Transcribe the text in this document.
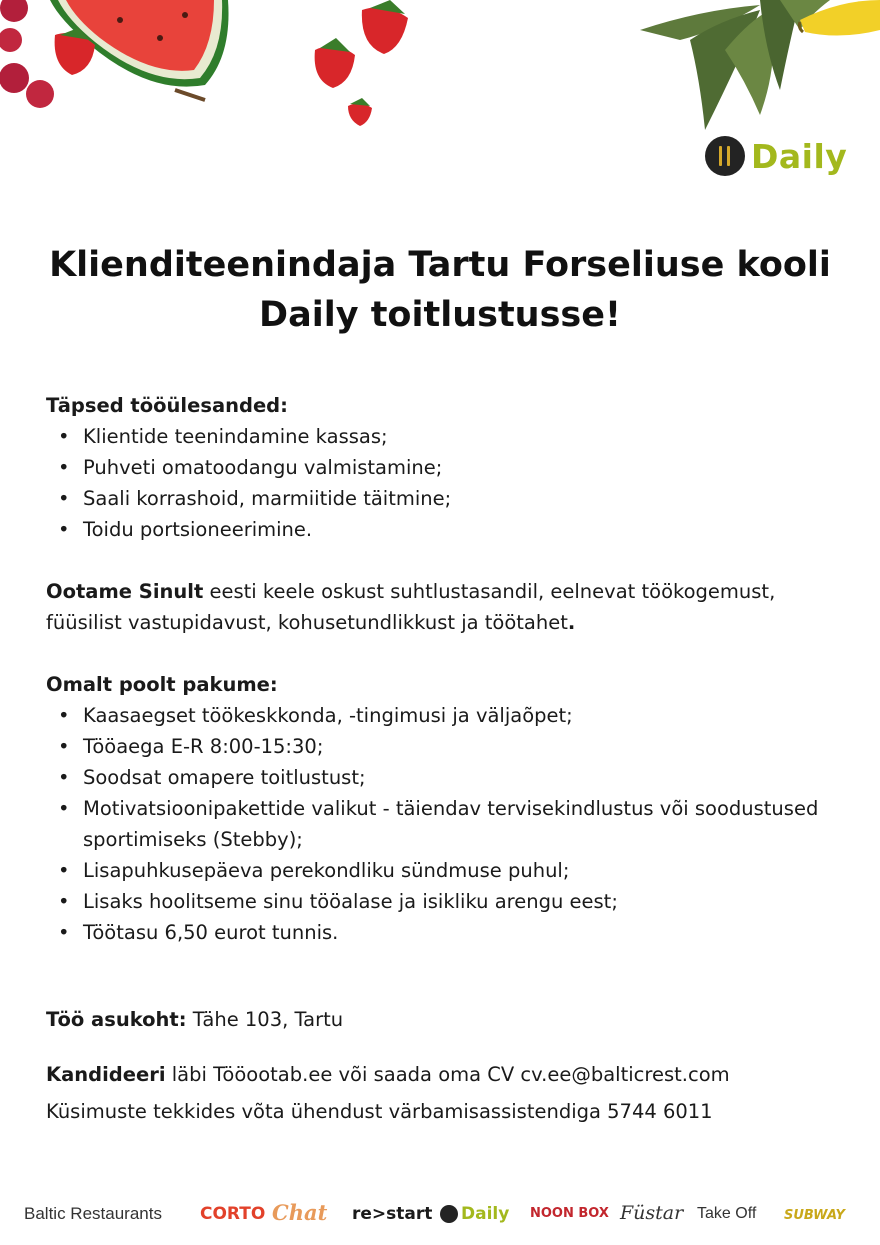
Daily
Klienditeenindaja Tartu Forseliuse kooli Daily toitlustusse!
Täpsed tööülesanded:
• Klientide teenindamine kassas;
• Puhveti omatoodangu valmistamine;
• Saali korrashoid, marmiitide täitmine;
• Toidu portsioneerimine.

Ootame Sinult eesti keele oskust suhtlustasandil, eelnevat töökogemust, füüsilist vastupidavust, kohusetundlikkust ja töötahet.

Omalt poolt pakume:
• Kaasaegset töökeskkonda, -tingimusi ja väljaõpet;
• Tööaega E-R 8:00-15:30;
• Soodsat omapere toitlustust;
• Motivatsioonipakettide valikut - täiendav tervisekindlustus või soodustused sportimiseks (Stebby);
• Lisapuhkusepäeva perekondliku sündmuse puhul;
• Lisaks hoolitseme sinu tööalase ja isikliku arengu eest;
• Töötasu 6,50 eurot tunnis.

Töö asukoht: Tähe 103, Tartu

Kandideeri läbi Tööootab.ee või saada oma CV cv.ee@balticrest.com

Küsimuste tekkides võta ühendust värbamisassistendiga 5744 6011

Baltic Restaurants CORTO Chat re>start Daily NOON BOX Füstar Take Off SUBWAY
